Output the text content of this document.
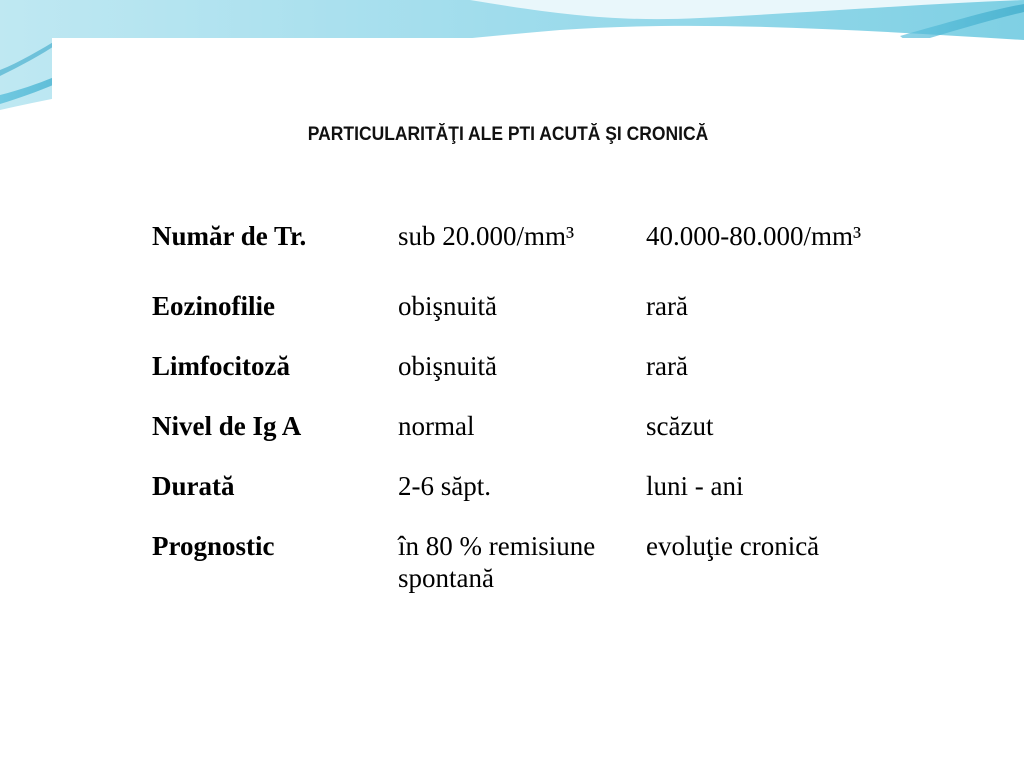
PARTICULARITĂŢI ALE PTI ACUTĂ ŞI CRONICĂ
Număr de Tr.	sub 20.000/mm³	40.000-80.000/mm³
Eozinofilie	obişnuită	rară
Limfocitoză	obişnuită	rară
Nivel de Ig A	normal	scăzut
Durată	2-6 săpt.	luni - ani
Prognostic	în 80 % remisiune spontană	evoluţie cronică
